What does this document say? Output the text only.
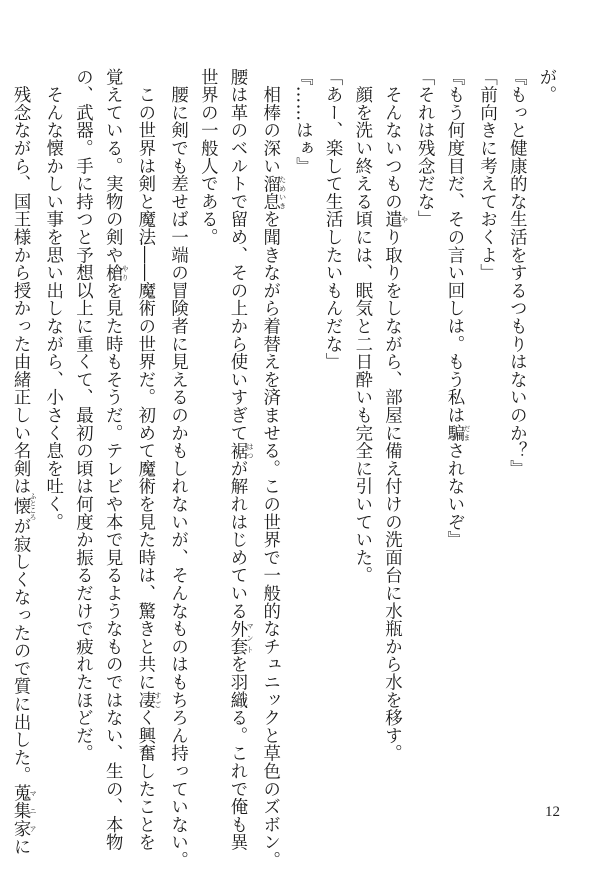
が。
『もっと健康的な生活をするつもりはないのか？』
「前向きに考えておくよ」
『もう何度目だ、その言い回しは。もう私は騙 だまされないぞ』
「それは残念だな」
　そんないつもの遣 やり取りをしながら、部屋に備え付けの洗面台に水瓶から水を移す。
　顔を洗い終える頃には、眠気と二日酔いも完全に引いていた。
「あー、楽して生活したいもんだな」
『……はぁ』
　相棒の深い溜息 ためいきを聞きながら着替えを済ませる。この世界で一般的なチュニックと草色のズボン。
腰は革のベルトで留め、その上から使いすぎて裾 はつが解れはじめている外套 マントを羽織る。これで俺も異
世界の一般人である。
　腰に剣でも差せば一端の冒険者に見えるのかもしれないが、そんなものはもちろん持っていない。
　この世界は剣と魔法――魔術の世界だ。初めて魔術を見た時は、驚きと共に凄 すごく興奮したことを
覚えている。実物の剣や槍 やりを見た時もそうだ。テレビや本で見るようなものではない、生の、本物
の、武器。手に持つと予想以上に重くて、最初の頃は何度か振るだけで疲れたほどだ。
　そんな懐かしい事を思い出しながら、小さく息を吐く。
　残念ながら、国王様から授かった由緒正しい名剣は懐 ふところが寂しくなったので質に出した。蒐集家 マニアに
12
